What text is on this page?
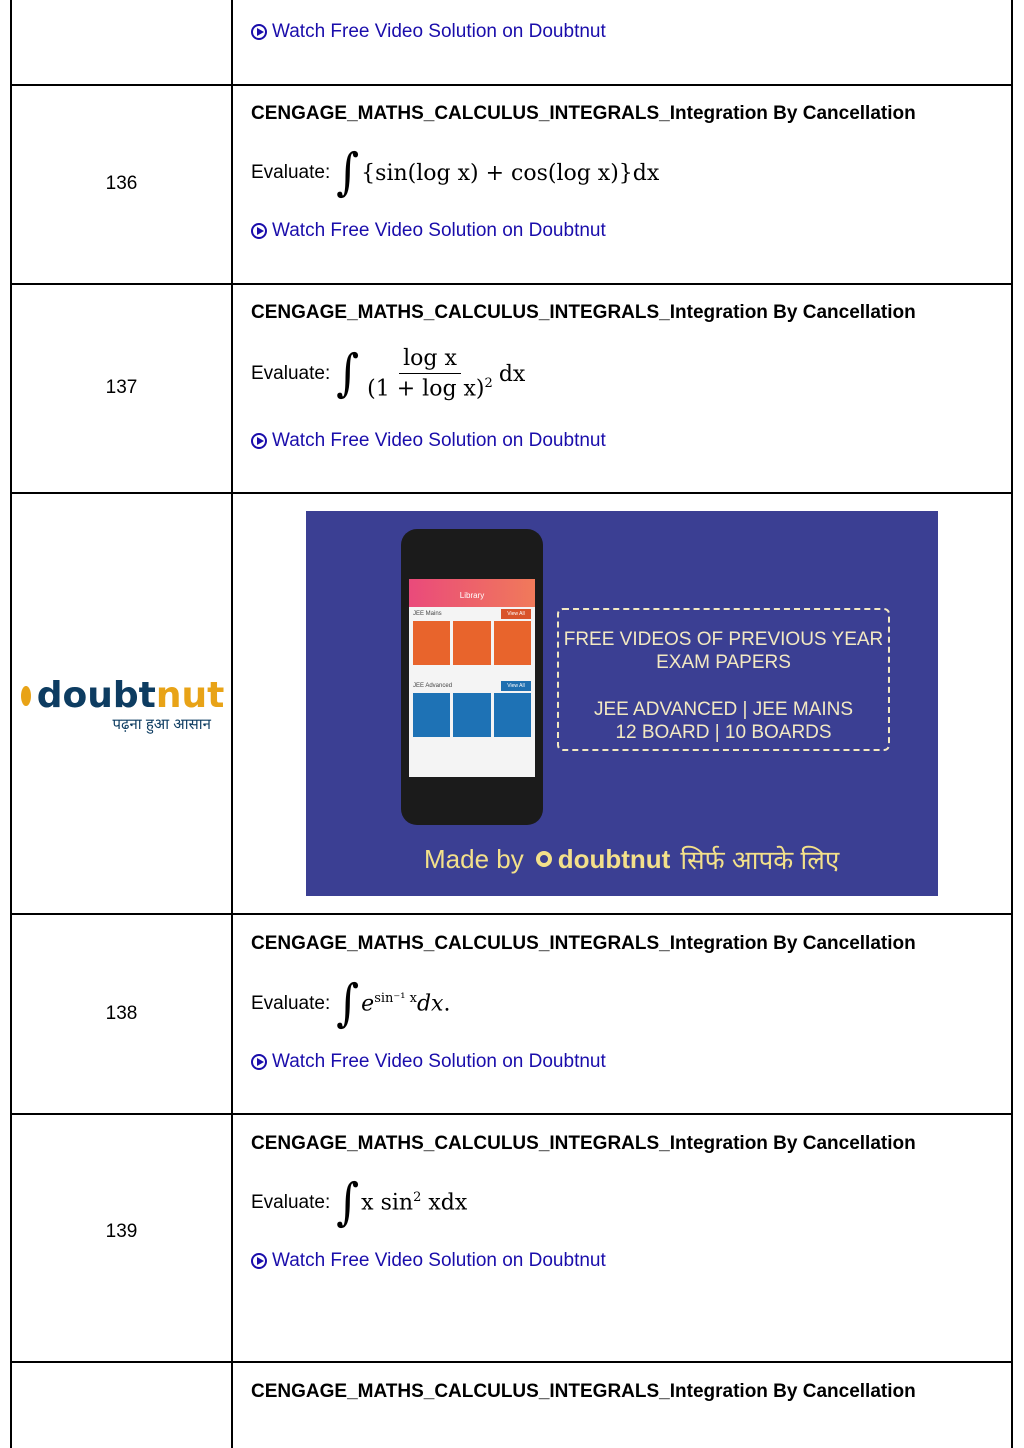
Watch Free Video Solution on Doubtnut
136
CENGAGE_MATHS_CALCULUS_INTEGRALS_Integration By Cancellation
Evaluate: ∫ {sin(log x) + cos(log x)}dx
Watch Free Video Solution on Doubtnut
137
CENGAGE_MATHS_CALCULUS_INTEGRALS_Integration By Cancellation
Evaluate: ∫ $\frac{\text{log x}}{(1 + \log x)^2}$ dx
Watch Free Video Solution on Doubtnut
doubt nut
पढ़ना हुआ आसान
Library
JEE Mains	View All
JEE Advanced	View All
FREE VIDEOS OF PREVIOUS YEAR
EXAM PAPERS
JEE ADVANCED | JEE MAINS
12 BOARD | 10 BOARDS
Made by doubtnut सिर्फ आपके लिए
138
CENGAGE_MATHS_CALCULUS_INTEGRALS_Integration By Cancellation
Evaluate: ∫ $e^{sin^{-1} x}dx$.
Watch Free Video Solution on Doubtnut
139
CENGAGE_MATHS_CALCULUS_INTEGRALS_Integration By Cancellation
Evaluate: ∫ x $\sin^2$ xdx
Watch Free Video Solution on Doubtnut
CENGAGE_MATHS_CALCULUS_INTEGRALS_Integration By Cancellation
